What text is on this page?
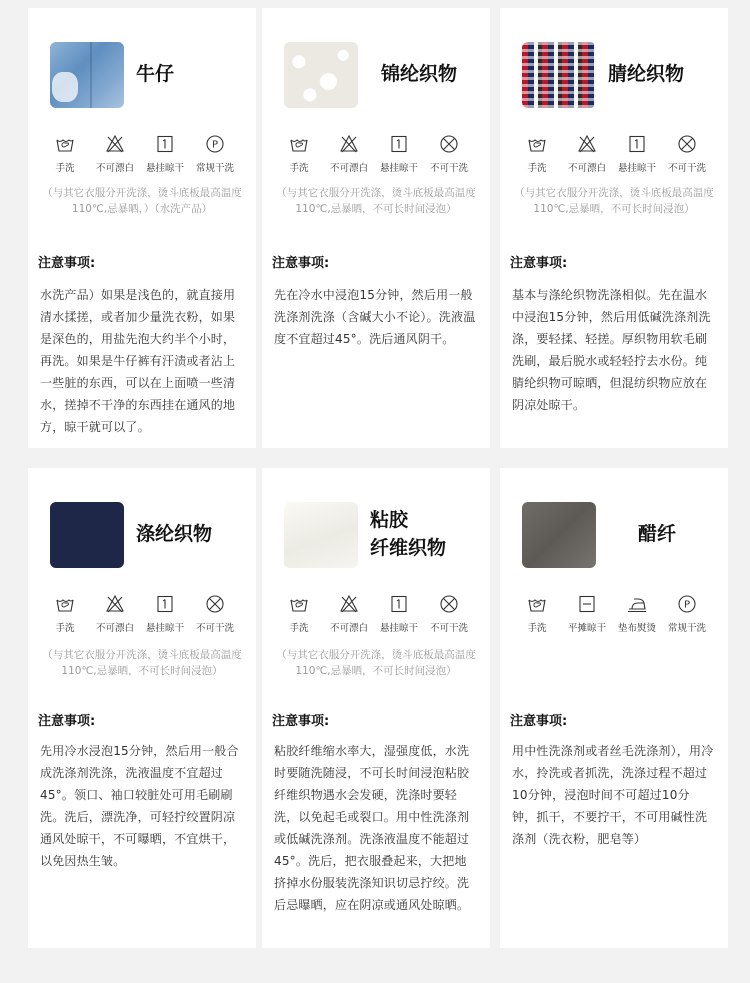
牛仔
手洗 不可漂白 悬挂晾干
P
常规干洗
（与其它衣服分开洗涤，烫斗底板最高温度110℃,忌暴晒，）（水洗产品）
注意事项:
水洗产品）如果是浅色的，就直接用清水揉搓，或者加少量洗衣粉，如果是深色的，用盐先泡大约半个小时，再洗。如果是牛仔裤有汗渍或者沾上一些脏的东西，可以在上面喷一些清水，搓掉不干净的东西挂在通风的地方，晾干就可以了。
锦纶织物
手洗 不可漂白 悬挂晾干 不可干洗
（与其它衣服分开洗涤，烫斗底板最高温度110℃,忌暴晒，不可长时间浸泡）
注意事项:
先在冷水中浸泡15分钟，然后用一般洗涤剂洗涤（含碱大小不论）。洗液温度不宜超过45°。洗后通风阴干。
腈纶织物
手洗 不可漂白 悬挂晾干 不可干洗
（与其它衣服分开洗涤，烫斗底板最高温度110℃,忌暴晒，不可长时间浸泡）
注意事项:
基本与涤纶织物洗涤相似。先在温水中浸泡15分钟，然后用低碱洗涤剂洗涤，要轻揉、轻搓。厚织物用软毛刷洗刷，最后脱水或轻轻拧去水份。纯腈纶织物可晾晒，但混纺织物应放在阴凉处晾干。
涤纶织物
手洗 不可漂白 悬挂晾干 不可干洗
（与其它衣服分开洗涤，烫斗底板最高温度110℃,忌暴晒，不可长时间浸泡）
注意事项:
先用冷水浸泡15分钟，然后用一般合成洗涤剂洗涤，洗液温度不宜超过45°。领口、袖口较脏处可用毛刷刷洗。洗后，漂洗净，可轻拧绞置阴凉通风处晾干，不可曝晒，不宜烘干，以免因热生皱。
粘胶
纤维织物
手洗 不可漂白 悬挂晾干 不可干洗
（与其它衣服分开洗涤，烫斗底板最高温度110℃,忌暴晒，不可长时间浸泡）
注意事项:
粘胶纤维缩水率大，湿强度低，水洗时要随洗随浸，不可长时间浸泡粘胶纤维织物遇水会发硬，洗涤时要轻洗，以免起毛或裂口。用中性洗涤剂或低碱洗涤剂。洗涤液温度不能超过45°。洗后，把衣服叠起来，大把地挤掉水份服装洗涤知识切忌拧绞。洗后忌曝晒，应在阴凉或通风处晾晒。
醋纤
手洗 平摊晾干 垫布熨烫
P
常规干洗
注意事项:
用中性洗涤剂或者丝毛洗涤剂），用冷水，拎洗或者抓洗，洗涤过程不超过10分钟，浸泡时间不可超过10分钟，抓干，不要拧干，不可用碱性洗涤剂（洗衣粉，肥皂等）
